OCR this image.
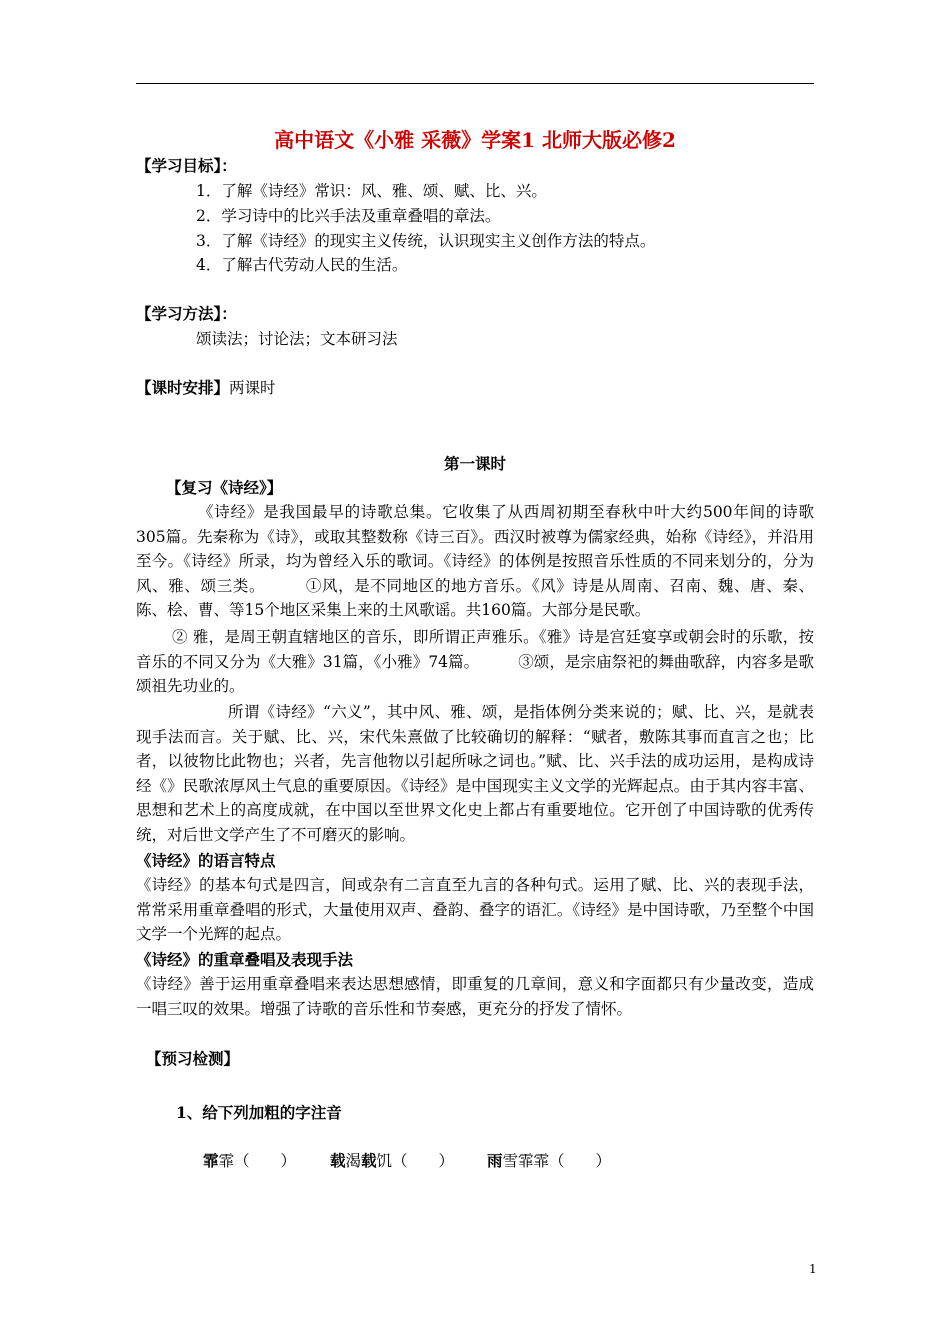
高中语文《小雅 采薇》学案1 北师大版必修2
【学习目标】：
1．了解《诗经》常识：风、雅、颂、赋、比、兴。
2．学习诗中的比兴手法及重章叠唱的章法。
3．了解《诗经》的现实主义传统，认识现实主义创作方法的特点。
4．了解古代劳动人民的生活。
【学习方法】：
颂读法；讨论法；文本研习法
【课时安排】两课时
第一课时
【复习《诗经》】
《诗经》是我国最早的诗歌总集。它收集了从西周初期至春秋中叶大约500年间的诗歌305篇。先秦称为《诗》，或取其整数称《诗三百》。西汉时被尊为儒家经典，始称《诗经》，并沿用至今。《诗经》所录，均为曾经入乐的歌词。《诗经》的体例是按照音乐性质的不同来划分的，分为风、雅、颂三类。　　　①风，是不同地区的地方音乐。《风》诗是从周南、召南、魏、唐、秦、陈、桧、曹、等15个地区采集上来的土风歌谣。共160篇。大部分是民歌。
② 雅，是周王朝直辖地区的音乐，即所谓正声雅乐。《雅》诗是宫廷宴享或朝会时的乐歌，按音乐的不同又分为《大雅》31篇，《小雅》74篇。　　　③颂，是宗庙祭祀的舞曲歌辞，内容多是歌颂祖先功业的。
所谓《诗经》“六义”，其中风、雅、颂，是指体例分类来说的；赋、比、兴，是就表现手法而言。关于赋、比、兴，宋代朱熹做了比较确切的解释：“赋者，敷陈其事而直言之也；比者，以彼物比此物也；兴者，先言他物以引起所咏之词也。”赋、比、兴手法的成功运用，是构成诗经《》民歌浓厚风土气息的重要原因。《诗经》是中国现实主义文学的光辉起点。由于其内容丰富、思想和艺术上的高度成就，在中国以至世界文化史上都占有重要地位。它开创了中国诗歌的优秀传统，对后世文学产生了不可磨灭的影响。
《诗经》的语言特点
《诗经》的基本句式是四言，间或杂有二言直至九言的各种句式。运用了赋、比、兴的表现手法，常常采用重章叠唱的形式，大量使用双声、叠韵、叠字的语汇。《诗经》是中国诗歌，乃至整个中国文学一个光辉的起点。
《诗经》的重章叠唱及表现手法
《诗经》善于运用重章叠唱来表达思想感情，即重复的几章间，意义和字面都只有少量改变，造成一唱三叹的效果。增强了诗歌的音乐性和节奏感，更充分的抒发了情怀。
【预习检测】
1、给下列加粗的字注音
霏霏（　　） 载渴载饥（　　） 雨雪霏霏（　　）
1
